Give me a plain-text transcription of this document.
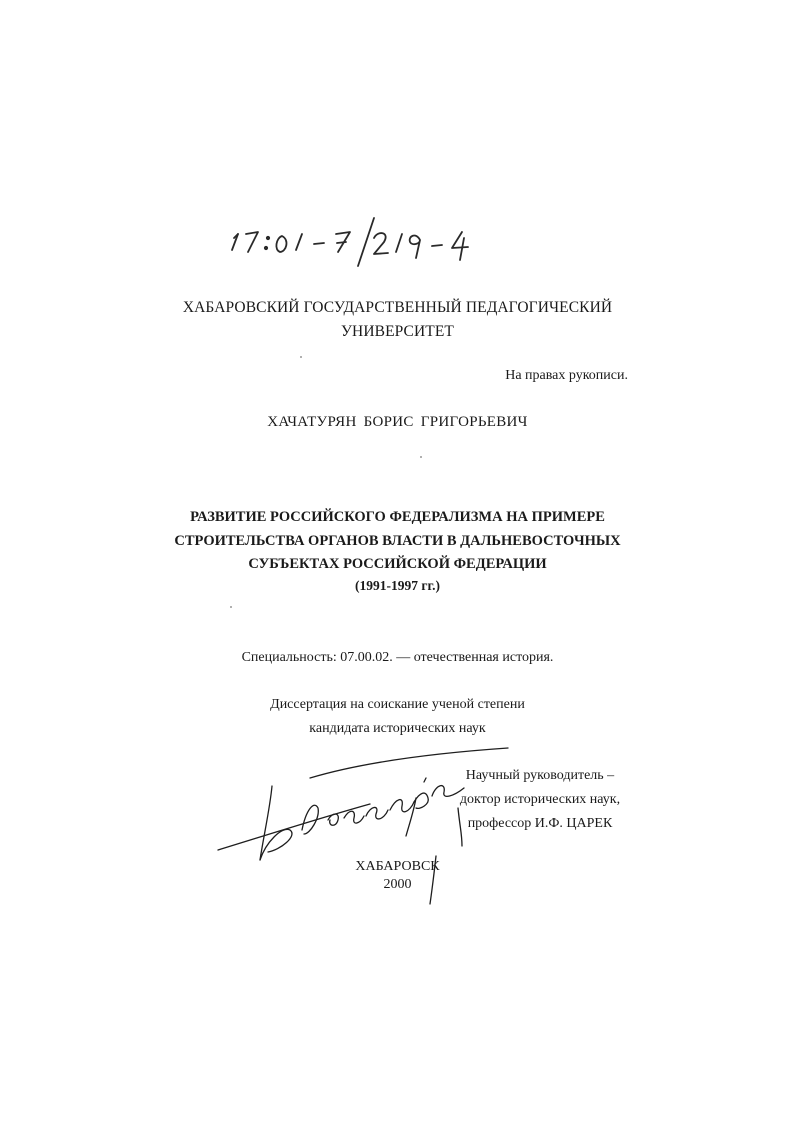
ХАБАРОВСКИЙ ГОСУДАРСТВЕННЫЙ ПЕДАГОГИЧЕСКИЙ
УНИВЕРСИТЕТ
На правах рукописи.
ХАЧАТУРЯН БОРИС ГРИГОРЬЕВИЧ
РАЗВИТИЕ РОССИЙСКОГО ФЕДЕРАЛИЗМА НА ПРИМЕРЕ
СТРОИТЕЛЬСТВА ОРГАНОВ ВЛАСТИ В ДАЛЬНЕВОСТОЧНЫХ
СУБЪЕКТАХ РОССИЙСКОЙ ФЕДЕРАЦИИ
(1991-1997 гг.)
Специальность: 07.00.02. — отечественная история.
Диссертация на соискание ученой степени
кандидата исторических наук
Научный руководитель –
доктор исторических наук,
профессор И.Ф. ЦАРЕК
ХАБАРОВСК
2000
